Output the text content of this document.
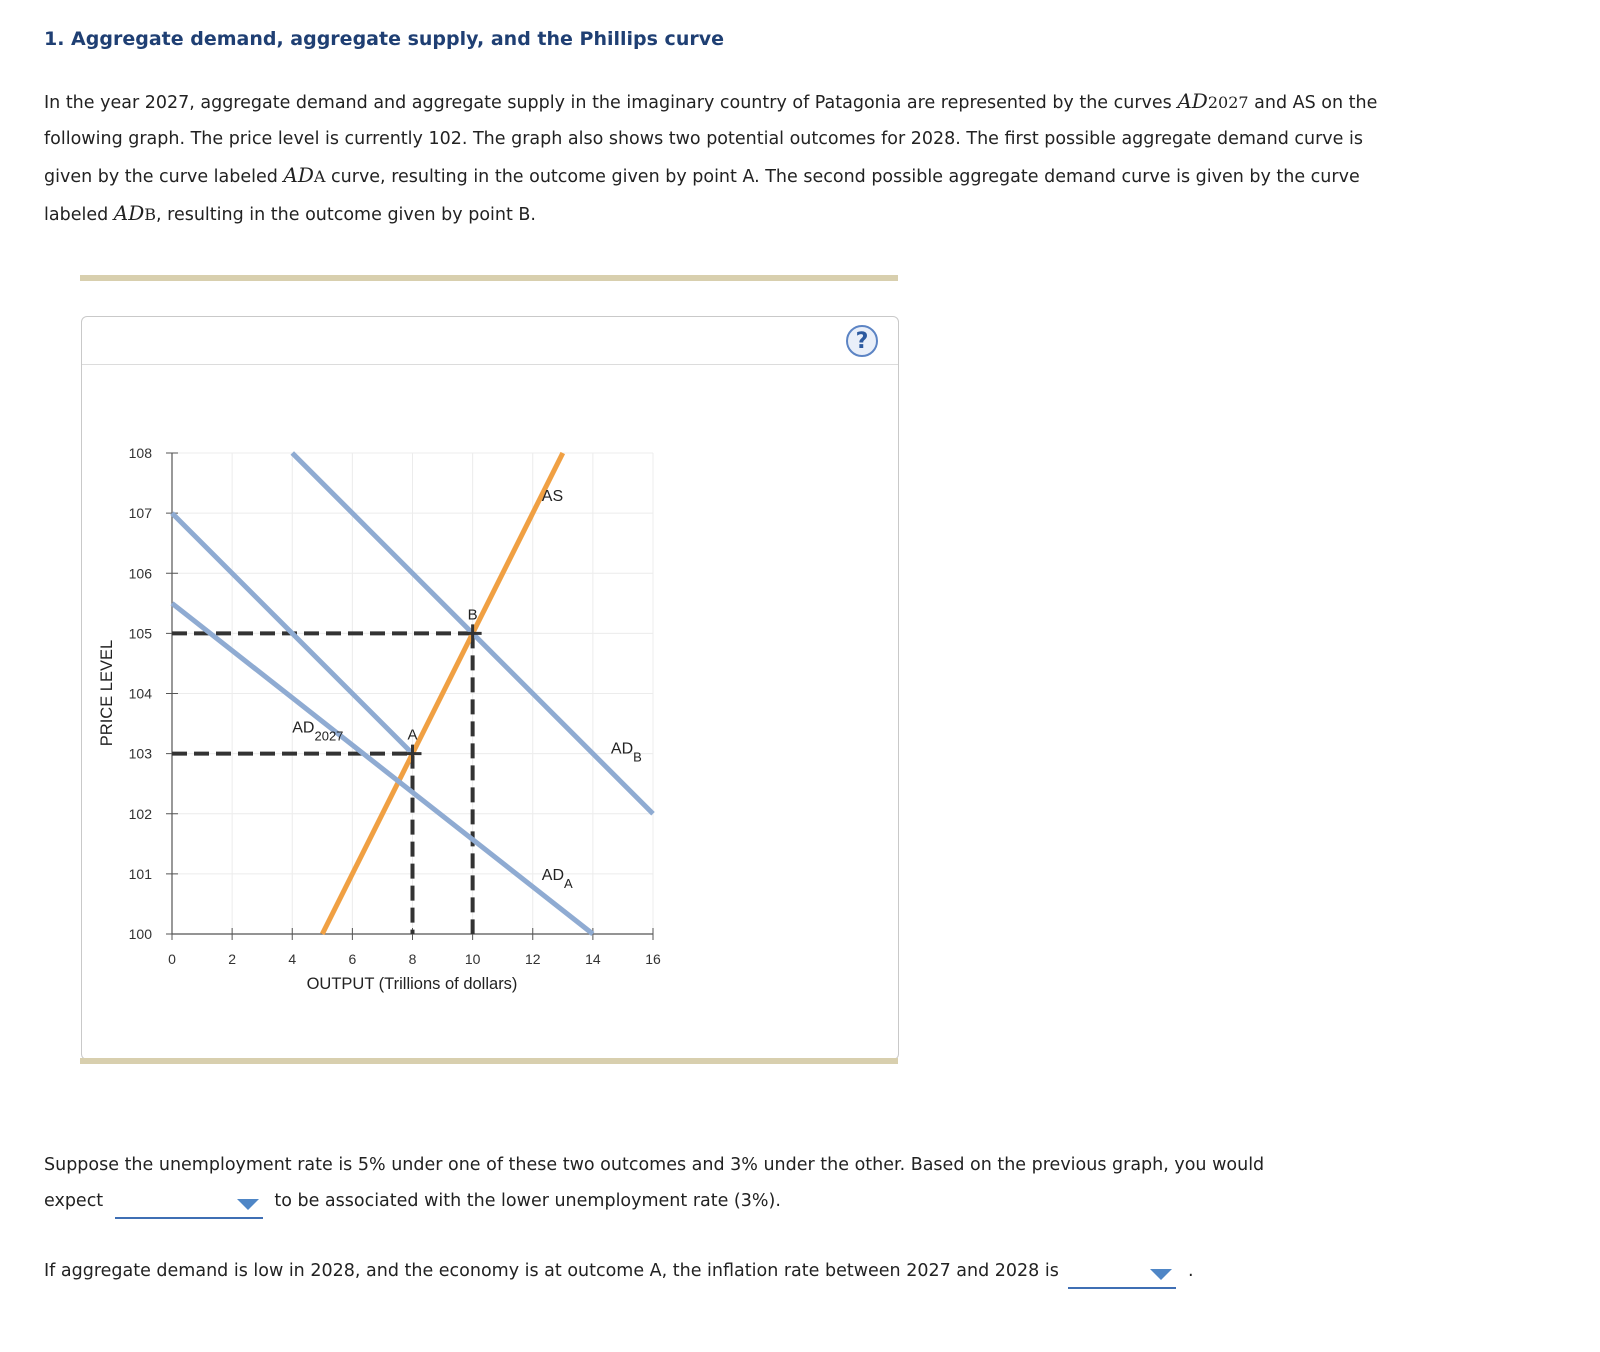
1. Aggregate demand, aggregate supply, and the Phillips curve
In the year 2027, aggregate demand and aggregate supply in the imaginary country of Patagonia are represented by the curves AD2027 and AS on the following graph. The price level is currently 102. The graph also shows two potential outcomes for 2028. The first possible aggregate demand curve is given by the curve labeled ADA curve, resulting in the outcome given by point A. The second possible aggregate demand curve is given by the curve labeled ADB, resulting in the outcome given by point B.
?
100
101
102
103
104
105
106
107
108
0	2	4	6	8	10	12	14	16
OUTPUT (Trillions of dollars)
PRICE LEVEL	A
B
AS
$AD_{2027}$
$AD_A$
$AD_B$
Suppose the unemployment rate is 5% under one of these two outcomes and 3% under the other. Based on the previous graph, you would
expect	to be associated with the lower unemployment rate (3%).
If aggregate demand is low in 2028, and the economy is at outcome A, the inflation rate between 2027 and 2028 is	.
